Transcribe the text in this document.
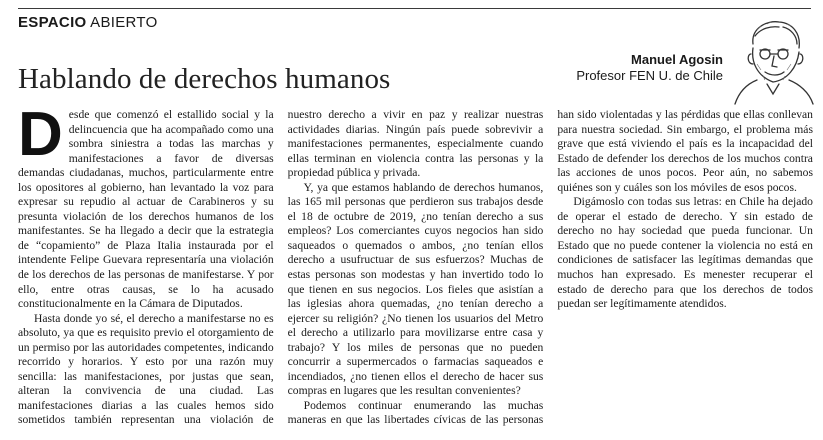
ESPACIO ABIERTO
Hablando de derechos humanos
Manuel Agosin
Profesor FEN U. de Chile

Desde que comenzó el estallido social y la delincuencia que ha acompañado como una sombra siniestra a todas las marchas y manifestaciones a favor de diversas demandas ciudadanas, muchos, particularmente entre los opositores al gobierno, han levantado la voz para expresar su repudio al actuar de Carabineros y su presunta violación de los derechos humanos de los manifestantes. Se ha llegado a decir que la estrategia de “copamiento” de Plaza Italia instaurada por el intendente Felipe Guevara representaría una violación de los derechos de las personas de manifestarse. Y por ello, entre otras causas, se lo ha acusado constitucionalmente en la Cámara de Diputados.

Hasta donde yo sé, el derecho a manifestarse no es absoluto, ya que es requisito previo el otorgamiento de un permiso por las autoridades competentes, indicando recorrido y horarios. Y esto por una razón muy sencilla: las manifestaciones, por justas que sean, alteran la convivencia de una ciudad. Las manifestaciones diarias a las cuales hemos sido sometidos también representan una violación de nuestro derecho a vivir en paz y realizar nuestras actividades diarias. Ningún país puede sobrevivir a manifestaciones permanentes, especialmente cuando ellas terminan en violencia contra las personas y la propiedad pública y privada.

Y, ya que estamos hablando de derechos humanos, las 165 mil personas que perdieron sus trabajos desde el 18 de octubre de 2019, ¿no tenían derecho a sus empleos? Los comerciantes cuyos negocios han sido saqueados o quemados o ambos, ¿no tenían ellos derecho a usufructuar de sus esfuerzos? Muchas de estas personas son modestas y han invertido todo lo que tienen en sus negocios. Los fieles que asistían a las iglesias ahora quemadas, ¿no tenían derecho a ejercer su religión? ¿No tienen los usuarios del Metro el derecho a utilizarlo para movilizarse entre casa y trabajo? Y los miles de personas que no pueden concurrir a supermercados o farmacias saqueados e incendiados, ¿no tienen ellos el derecho de hacer sus compras en lugares que les resultan convenientes?

Podemos continuar enumerando las muchas maneras en que las libertades cívicas de las personas han sido violentadas y las pérdidas que ellas conllevan para nuestra sociedad. Sin embargo, el problema más grave que está viviendo el país es la incapacidad del Estado de defender los derechos de los muchos contra las acciones de unos pocos. Peor aún, no sabemos quiénes son y cuáles son los móviles de esos pocos.

Digámoslo con todas sus letras: en Chile ha dejado de operar el estado de derecho. Y sin estado de derecho no hay sociedad que pueda funcionar. Un Estado que no puede contener la violencia no está en condiciones de satisfacer las legítimas demandas que muchos han expresado. Es menester recuperar el estado de derecho para que los derechos de todos puedan ser legítimamente atendidos.
